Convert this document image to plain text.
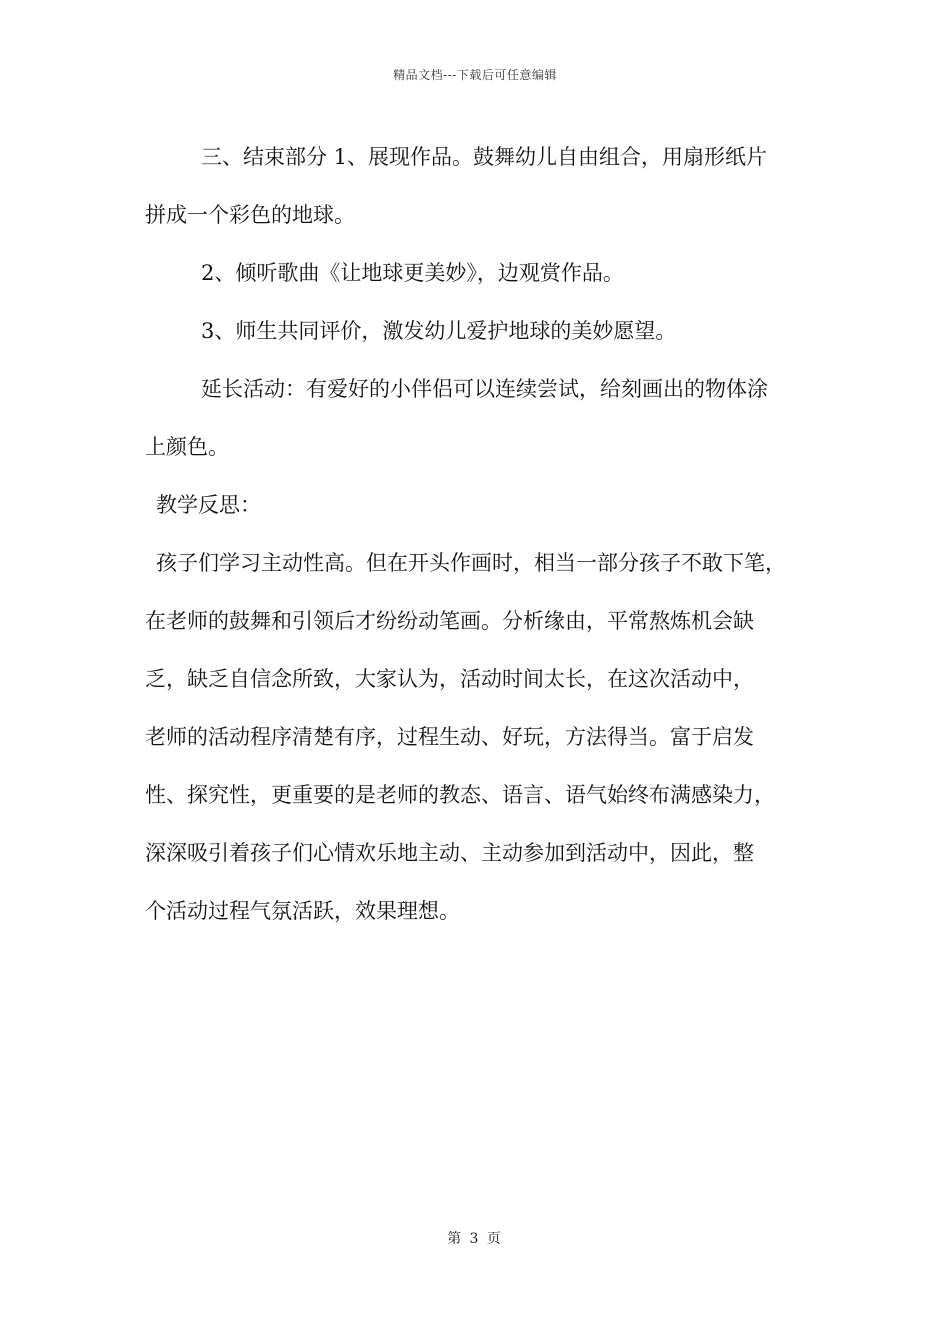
精品文档---下载后可任意编辑

三、结束部分 1、展现作品。鼓舞幼儿自由组合，用扇形纸片

拼成一个彩色的地球。

2、倾听歌曲《让地球更美妙》，边观赏作品。

3、师生共同评价，激发幼儿爱护地球的美妙愿望。

延长活动：有爱好的小伴侣可以连续尝试，给刻画出的物体涂

上颜色。

教学反思：

孩子们学习主动性高。但在开头作画时，相当一部分孩子不敢下笔，

在老师的鼓舞和引领后才纷纷动笔画。分析缘由，平常熬炼机会缺

乏，缺乏自信念所致，大家认为，活动时间太长，在这次活动中，

老师的活动程序清楚有序，过程生动、好玩，方法得当。富于启发

性、探究性，更重要的是老师的教态、语言、语气始终布满感染力，

深深吸引着孩子们心情欢乐地主动、主动参加到活动中，因此，整

个活动过程气氛活跃，效果理想。

第 3 页
